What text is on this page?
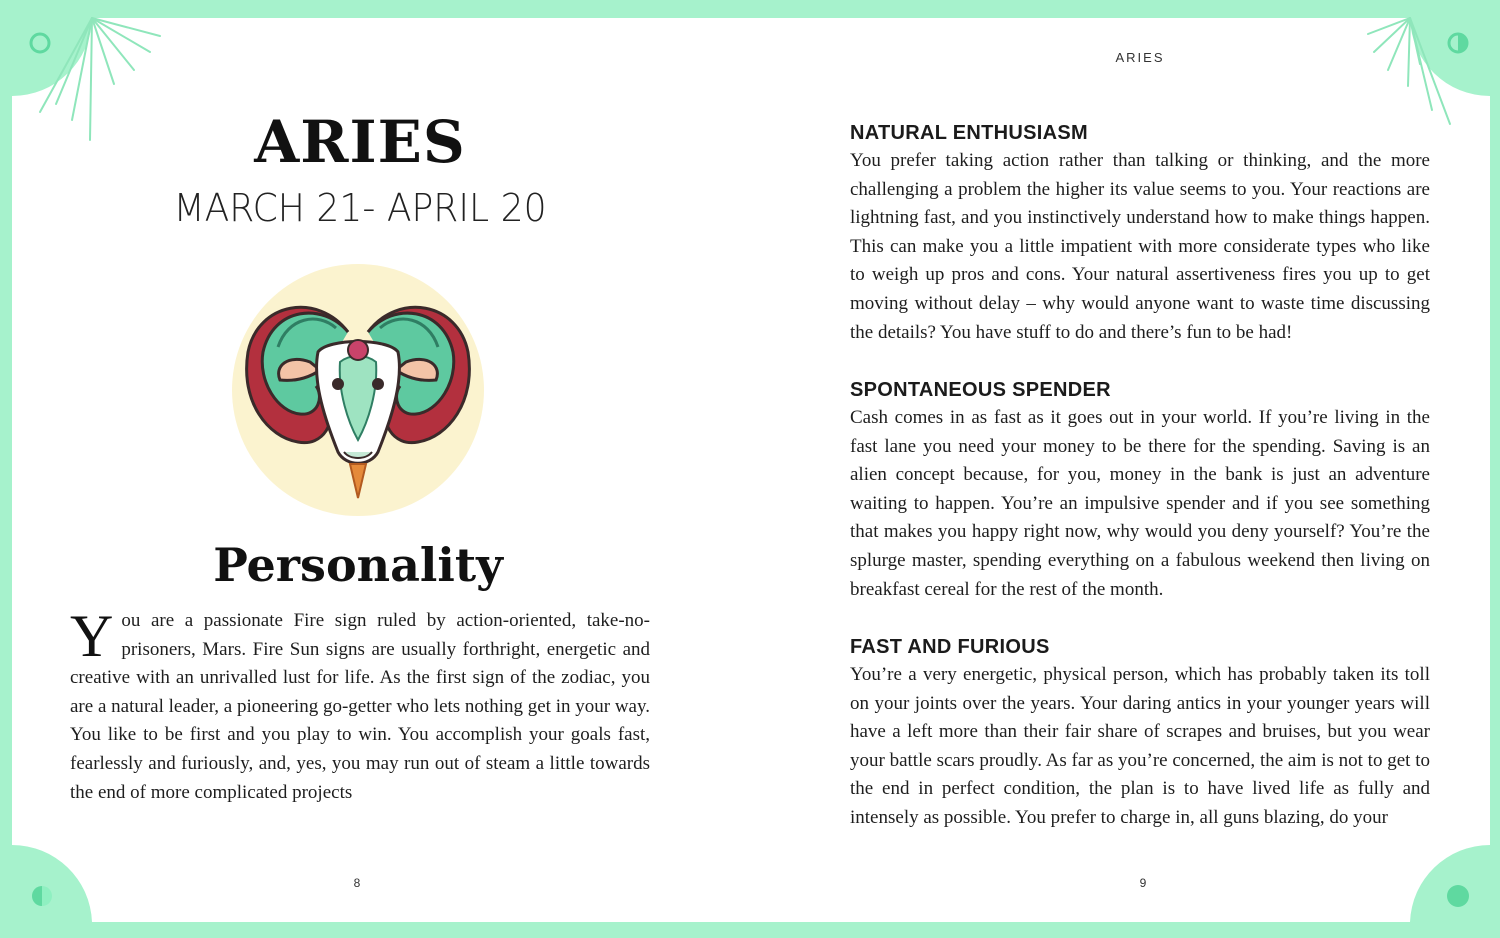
ARIES
MARCH 21- APRIL 20
Personality

You are a passionate Fire sign ruled by action-oriented, take-no-prisoners, Mars. Fire Sun signs are usually forthright, energetic and creative with an unrivalled lust for life. As the first sign of the zodiac, you are a natural leader, a pioneering go-getter who lets nothing get in your way. You like to be first and you play to win. You accomplish your goals fast, fearlessly and furiously, and, yes, you may run out of steam a little towards the end of more complicated projects

8
ARIES
NATURAL ENTHUSIASM

You prefer taking action rather than talking or thinking, and the more challenging a problem the higher its value seems to you. Your reactions are lightning fast, and you instinctively understand how to make things happen. This can make you a little impatient with more considerate types who like to weigh up pros and cons. Your natural assertiveness fires you up to get moving without delay – why would anyone want to waste time discussing the details? You have stuff to do and there’s fun to be had!

SPONTANEOUS SPENDER

Cash comes in as fast as it goes out in your world. If you’re living in the fast lane you need your money to be there for the spending. Saving is an alien concept because, for you, money in the bank is just an adventure waiting to happen. You’re an impulsive spender and if you see something that makes you happy right now, why would you deny yourself? You’re the splurge master, spending everything on a fabulous weekend then living on breakfast cereal for the rest of the month.

FAST AND FURIOUS

You’re a very energetic, physical person, which has probably taken its toll on your joints over the years. Your daring antics in your younger years will have a left more than their fair share of scrapes and bruises, but you wear your battle scars proudly. As far as you’re concerned, the aim is not to get to the end in perfect condition, the plan is to have lived life as fully and intensely as possible. You prefer to charge in, all guns blazing, do your

9
